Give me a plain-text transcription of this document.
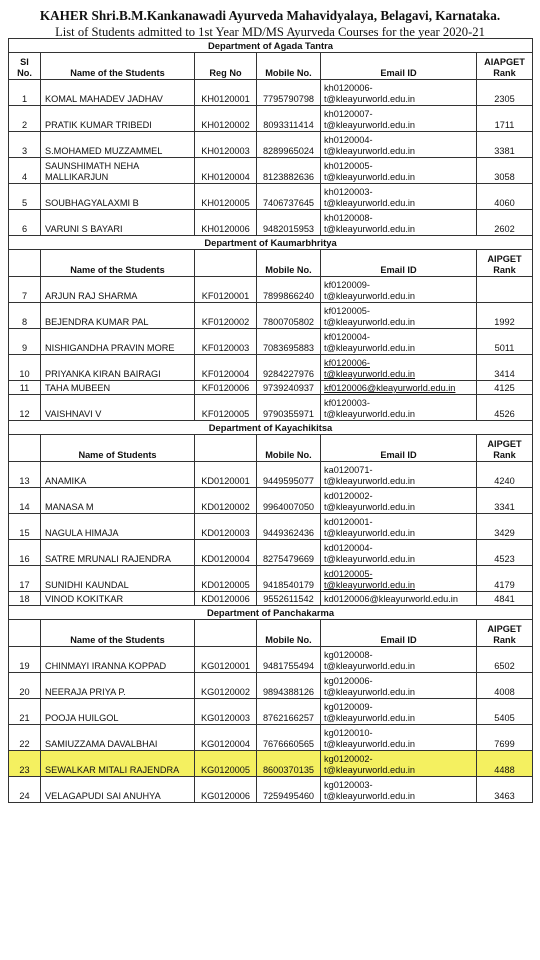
KAHER Shri.B.M.Kankanawadi Ayurveda Mahavidyalaya, Belagavi, Karnataka.
List of Students admitted to 1st Year MD/MS Ayurveda Courses for the year 2020-21
Department of Agada Tantra					
Sl No.	Name of the Students	Reg No	Mobile No.	Email ID	AIAPGET Rank
1	KOMAL MAHADEV JADHAV	KH0120001	7795790798	kh0120006-
t@kleayurworld.edu.in	2305
2	PRATIK KUMAR TRIBEDI	KH0120002	8093311414	kh0120007-
t@kleayurworld.edu.in	1711
3	S.MOHAMED MUZZAMMEL	KH0120003	8289965024	kh0120004-
t@kleayurworld.edu.in	3381
4	SAUNSHIMATH NEHA MALLIKARJUN	KH0120004	8123882636	kh0120005-
t@kleayurworld.edu.in	3058
5	SOUBHAGYALAXMI B	KH0120005	7406737645	kh0120003-
t@kleayurworld.edu.in	4060
6	VARUNI S BAYARI	KH0120006	9482015953	kh0120008-
t@kleayurworld.edu.in	2602
Department of Kaumarbhritya					
	Name of the Students		Mobile No.	Email ID	AIPGET Rank
7	ARJUN RAJ SHARMA	KF0120001	7899866240	kf0120009-
t@kleayurworld.edu.in	
8	BEJENDRA KUMAR PAL	KF0120002	7800705802	kf0120005-
t@kleayurworld.edu.in	1992
9	NISHIGANDHA PRAVIN MORE	KF0120003	7083695883	kf0120004-
t@kleayurworld.edu.in	5011
10	PRIYANKA KIRAN BAIRAGI	KF0120004	9284227976	kf0120006-
t@kleayurworld.edu.in	3414
11	TAHA MUBEEN	KF0120006	9739240937	kf0120006@kleayurworld.edu.in	4125
12	VAISHNAVI V	KF0120005	9790355971	kf0120003-
t@kleayurworld.edu.in	4526
Department of Kayachikitsa					
	Name of Students		Mobile No.	Email ID	AIPGET Rank
13	ANAMIKA	KD0120001	9449595077	ka0120071-
t@kleayurworld.edu.in	4240
14	MANASA M	KD0120002	9964007050	kd0120002-
t@kleayurworld.edu.in	3341
15	NAGULA HIMAJA	KD0120003	9449362436	kd0120001-
t@kleayurworld.edu.in	3429
16	SATRE MRUNALI RAJENDRA	KD0120004	8275479669	kd0120004-
t@kleayurworld.edu.in	4523
17	SUNIDHI KAUNDAL	KD0120005	9418540179	kd0120005-
t@kleayurworld.edu.in	4179
18	VINOD KOKITKAR	KD0120006	9552611542	kd0120006@kleayurworld.edu.in	4841
Department of Panchakarma					
	Name of the Students		Mobile No.	Email ID	AIPGET Rank
19	CHINMAYI IRANNA KOPPAD	KG0120001	9481755494	kg0120008-
t@kleayurworld.edu.in	6502
20	NEERAJA PRIYA P.	KG0120002	9894388126	kg0120006-
t@kleayurworld.edu.in	4008
21	POOJA HUILGOL	KG0120003	8762166257	kg0120009-
t@kleayurworld.edu.in	5405
22	SAMIUZZAMA DAVALBHAI	KG0120004	7676660565	kg0120010-
t@kleayurworld.edu.in	7699
23	SEWALKAR MITALI RAJENDRA	KG0120005	8600370135	kg0120002-
t@kleayurworld.edu.in	4488
24	VELAGAPUDI SAI ANUHYA	KG0120006	7259495460	kg0120003-
t@kleayurworld.edu.in	3463
